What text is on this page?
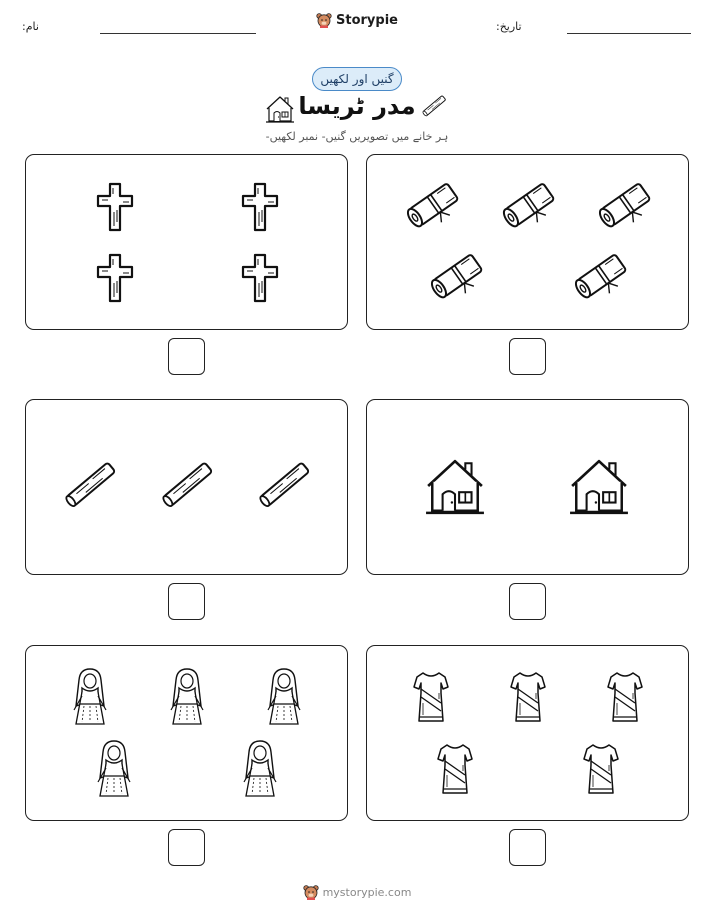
نام:	تاریخ:
Storypie
گنیں اور لکھیں
مدر ٹریسا
ہر خانے میں تصویریں گنیں- نمبر لکھیں-
mystorypie.com
